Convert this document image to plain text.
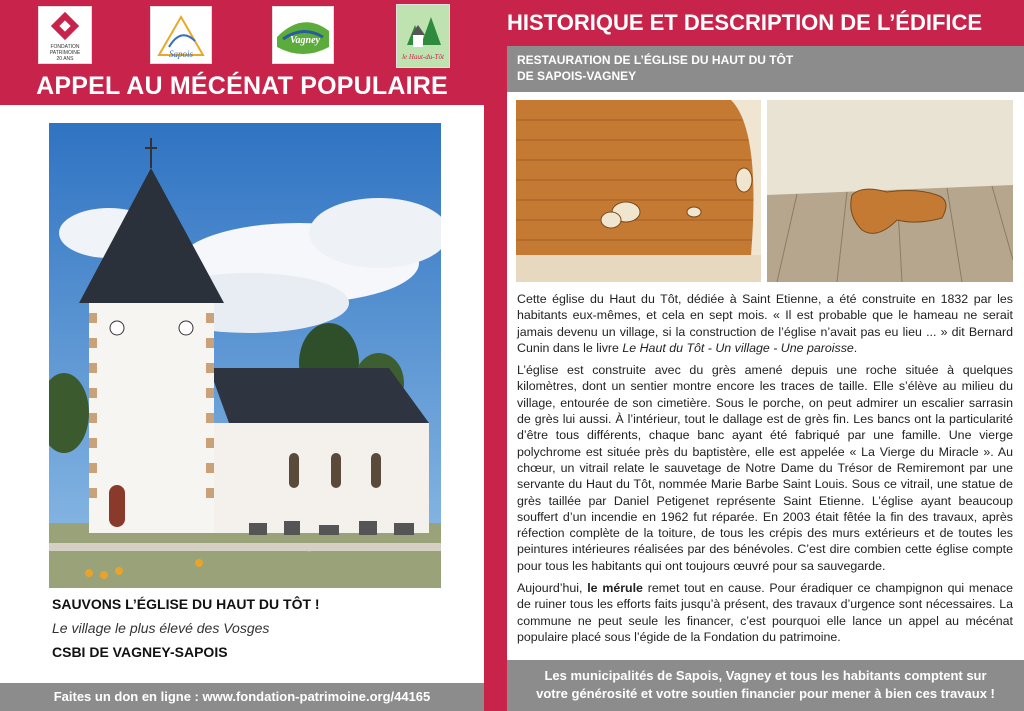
FONDATION
PATRIMOINE
20 ANS	Sapois
Vagney
le Haut-du-Tôt
APPEL AU MÉCÉNAT POPULAIRE
SAUVONS L’ÉGLISE DU HAUT DU TÔT !
Le village le plus élevé des Vosges
CSBI DE VAGNEY-SAPOIS
Faites un don en ligne : www.fondation-patrimoine.org/44165
HISTORIQUE ET DESCRIPTION DE L’ÉDIFICE
RESTAURATION DE L’ÉGLISE DU HAUT DU TÔT
DE SAPOIS-VAGNEY

Cette église du Haut du Tôt, dédiée à Saint Etienne, a été construite en 1832 par les habitants eux-mêmes, et cela en sept mois. « Il est probable que le hameau ne serait jamais devenu un village, si la construction de l’église n’avait pas eu lieu ... » dit Bernard Cunin dans le livre Le Haut du Tôt - Un village - Une paroisse.

L’église est construite avec du grès amené depuis une roche située à quelques kilomètres, dont un sentier montre encore les traces de taille. Elle s’élève au milieu du village, entourée de son cimetière. Sous le porche, on peut admirer un escalier sarrasin de grès lui aussi. À l’intérieur, tout le dallage est de grès fin. Les bancs ont la particularité d’être tous différents, chaque banc ayant été fabriqué par une famille. Une vierge polychrome est située près du baptistère, elle est appelée « La Vierge du Miracle ». Au chœur, un vitrail relate le sauvetage de Notre Dame du Trésor de Remiremont par une servante du Haut du Tôt, nommée Marie Barbe Saint Louis. Sous ce vitrail, une statue de grès taillée par Daniel Petigenet représente Saint Etienne. L’église ayant beaucoup souffert d’un incendie en 1962 fut réparée. En 2003 était fêtée la fin des travaux, après réfection complète de la toiture, de tous les crépis des murs extérieurs et de toutes les peintures intérieures réalisées par des bénévoles. C’est dire combien cette église compte pour tous les habitants qui ont toujours œuvré pour sa sauvegarde.

Aujourd’hui, le mérule remet tout en cause. Pour éradiquer ce champignon qui menace de ruiner tous les efforts faits jusqu’à présent, des travaux d’urgence sont nécessaires. La commune ne peut seule les financer, c’est pourquoi elle lance un appel au mécénat populaire placé sous l’égide de la Fondation du patrimoine.

Les municipalités de Sapois, Vagney et tous les habitants comptent sur
votre générosité et votre soutien financier pour mener à bien ces travaux !
